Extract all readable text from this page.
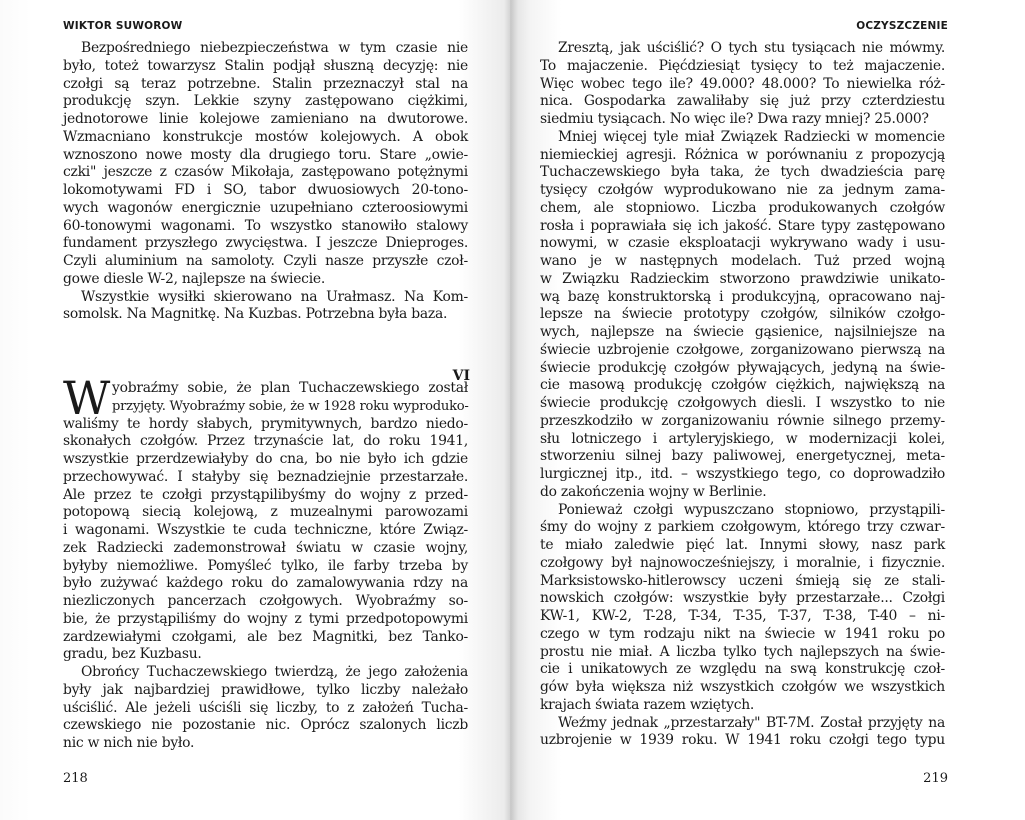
WIKTOR SUWOROW
Bezpośredniego niebezpieczeństwa w tym czasie nie
było, toteż towarzysz Stalin podjął słuszną decyzję: nie
czołgi są teraz potrzebne. Stalin przeznaczył stal na
produkcję szyn. Lekkie szyny zastępowano ciężkimi,
jednotorowe linie kolejowe zamieniano na dwutorowe.
Wzmacniano konstrukcje mostów kolejowych. A obok
wznoszono nowe mosty dla drugiego toru. Stare „owie-
czki" jeszcze z czasów Mikołaja, zastępowano potężnymi
lokomotywami FD i SO, tabor dwuosiowych 20-tono-
wych wagonów energicznie uzupełniano czteroosiowymi
60-tonowymi wagonami. To wszystko stanowiło stalowy
fundament przyszłego zwycięstwa. I jeszcze Dnieproges.
Czyli aluminium na samoloty. Czyli nasze przyszłe czoł-
gowe diesle W-2, najlepsze na świecie.
Wszystkie wysiłki skierowano na Urałmasz. Na Kom-
somolsk. Na Magnitkę. Na Kuzbas. Potrzebna była baza.
VI
W yobraźmy sobie, że plan Tuchaczewskiego został
przyjęty. Wyobraźmy sobie, że w 1928 roku wyproduko-
waliśmy te hordy słabych, prymitywnych, bardzo niedo-
skonałych czołgów. Przez trzynaście lat, do roku 1941,
wszystkie przerdzewiałyby do cna, bo nie było ich gdzie
przechowywać. I stałyby się beznadziejnie przestarzałe.
Ale przez te czołgi przystąpilibyśmy do wojny z przed-
potopową siecią kolejową, z muzealnymi parowozami
i wagonami. Wszystkie te cuda techniczne, które Związ-
zek Radziecki zademonstrował światu w czasie wojny,
byłyby niemożliwe. Pomyśleć tylko, ile farby trzeba by
było zużywać każdego roku do zamalowywania rdzy na
niezliczonych pancerzach czołgowych. Wyobraźmy so-
bie, że przystąpiliśmy do wojny z tymi przedpotopowymi
zardzewiałymi czołgami, ale bez Magnitki, bez Tanko-
gradu, bez Kuzbasu.
Obrońcy Tuchaczewskiego twierdzą, że jego założenia
były jak najbardziej prawidłowe, tylko liczby należało
uściślić. Ale jeżeli uściśli się liczby, to z założeń Tucha-
czewskiego nie pozostanie nic. Oprócz szalonych liczb
nic w nich nie było.
218
OCZYSZCZENIE
Zresztą, jak uściślić? O tych stu tysiącach nie mówmy.
To majaczenie. Pięćdziesiąt tysięcy to też majaczenie.
Więc wobec tego ile? 49.000? 48.000? To niewielka róż-
nica. Gospodarka zawaliłaby się już przy czterdziestu
siedmiu tysiącach. No więc ile? Dwa razy mniej? 25.000?
Mniej więcej tyle miał Związek Radziecki w momencie
niemieckiej agresji. Różnica w porównaniu z propozycją
Tuchaczewskiego była taka, że tych dwadzieścia parę
tysięcy czołgów wyprodukowano nie za jednym zama-
chem, ale stopniowo. Liczba produkowanych czołgów
rosła i poprawiała się ich jakość. Stare typy zastępowano
nowymi, w czasie eksploatacji wykrywano wady i usu-
wano je w następnych modelach. Tuż przed wojną
w Związku Radzieckim stworzono prawdziwie unikato-
wą bazę konstruktorską i produkcyjną, opracowano naj-
lepsze na świecie prototypy czołgów, silników czołgo-
wych, najlepsze na świecie gąsienice, najsilniejsze na
świecie uzbrojenie czołgowe, zorganizowano pierwszą na
świecie produkcję czołgów pływających, jedyną na świe-
cie masową produkcję czołgów ciężkich, największą na
świecie produkcję czołgowych diesli. I wszystko to nie
przeszkodziło w zorganizowaniu równie silnego przemy-
słu lotniczego i artyleryjskiego, w modernizacji kolei,
stworzeniu silnej bazy paliwowej, energetycznej, meta-
lurgicznej itp., itd. – wszystkiego tego, co doprowadziło
do zakończenia wojny w Berlinie.
Ponieważ czołgi wypuszczano stopniowo, przystąpili-
śmy do wojny z parkiem czołgowym, którego trzy czwar-
te miało zaledwie pięć lat. Innymi słowy, nasz park
czołgowy był najnowocześniejszy, i moralnie, i fizycznie.
Marksistowsko-hitlerowscy uczeni śmieją się ze stali-
nowskich czołgów: wszystkie były przestarzałe... Czołgi
KW-1, KW-2, T-28, T-34, T-35, T-37, T-38, T-40 – ni-
czego w tym rodzaju nikt na świecie w 1941 roku po
prostu nie miał. A liczba tylko tych najlepszych na świe-
cie i unikatowych ze względu na swą konstrukcję czoł-
gów była większa niż wszystkich czołgów we wszystkich
krajach świata razem wziętych.
Weźmy jednak „przestarzały" BT-7M. Został przyjęty na
uzbrojenie w 1939 roku. W 1941 roku czołgi tego typu
219
